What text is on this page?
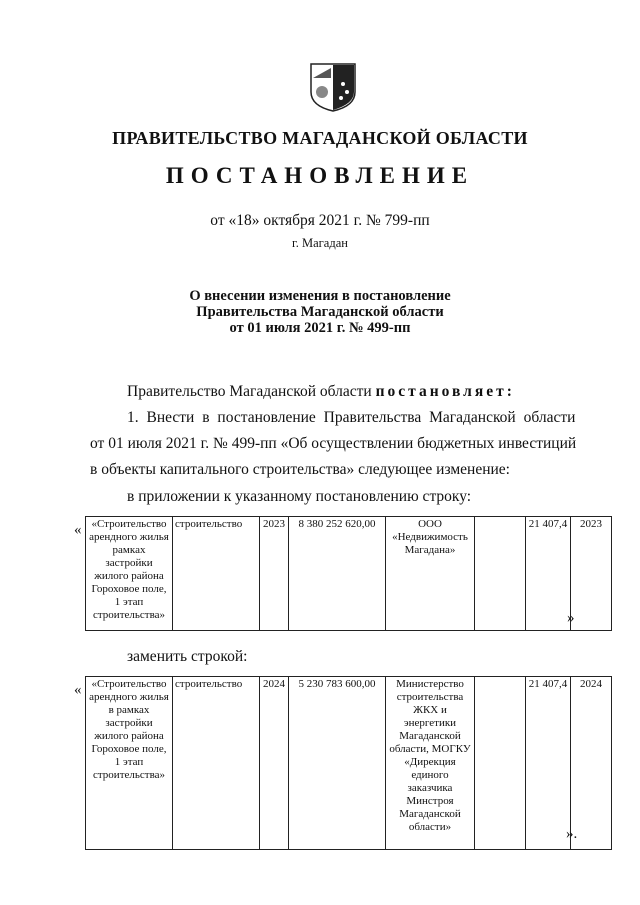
ПРАВИТЕЛЬСТВО МАГАДАНСКОЙ ОБЛАСТИ
ПОСТАНОВЛЕНИЕ
от «18» октября 2021 г. № 799-пп
г. Магадан
О внесении изменения в постановление
Правительства Магаданской области
от 01 июля 2021 г. № 499-пп
Правительство Магаданской области постановляет:
1. Внести в постановление Правительства Магаданской области
от 01 июля 2021 г. № 499-пп «Об осуществлении бюджетных инвестиций
в объекты капитального строительства» следующее изменение:
в приложении к указанному постановлению строку:
« «Строительство арендного жилья рамках застройки жилого района Гороховое поле, 1 этап строительства»	строительство	2023	8 380 252 620,00	ООО «Недвижимость Магадана»		21 407,4	2023
»
заменить строкой:
« «Строительство арендного жилья в рамках застройки жилого района Гороховое поле, 1 этап строительства»	строительство	2024	5 230 783 600,00	Министерство строительства ЖКХ и энергетики Магаданской области, МОГКУ «Дирекция единого заказчика Минстроя Магаданской области»		21 407,4	2024
».
